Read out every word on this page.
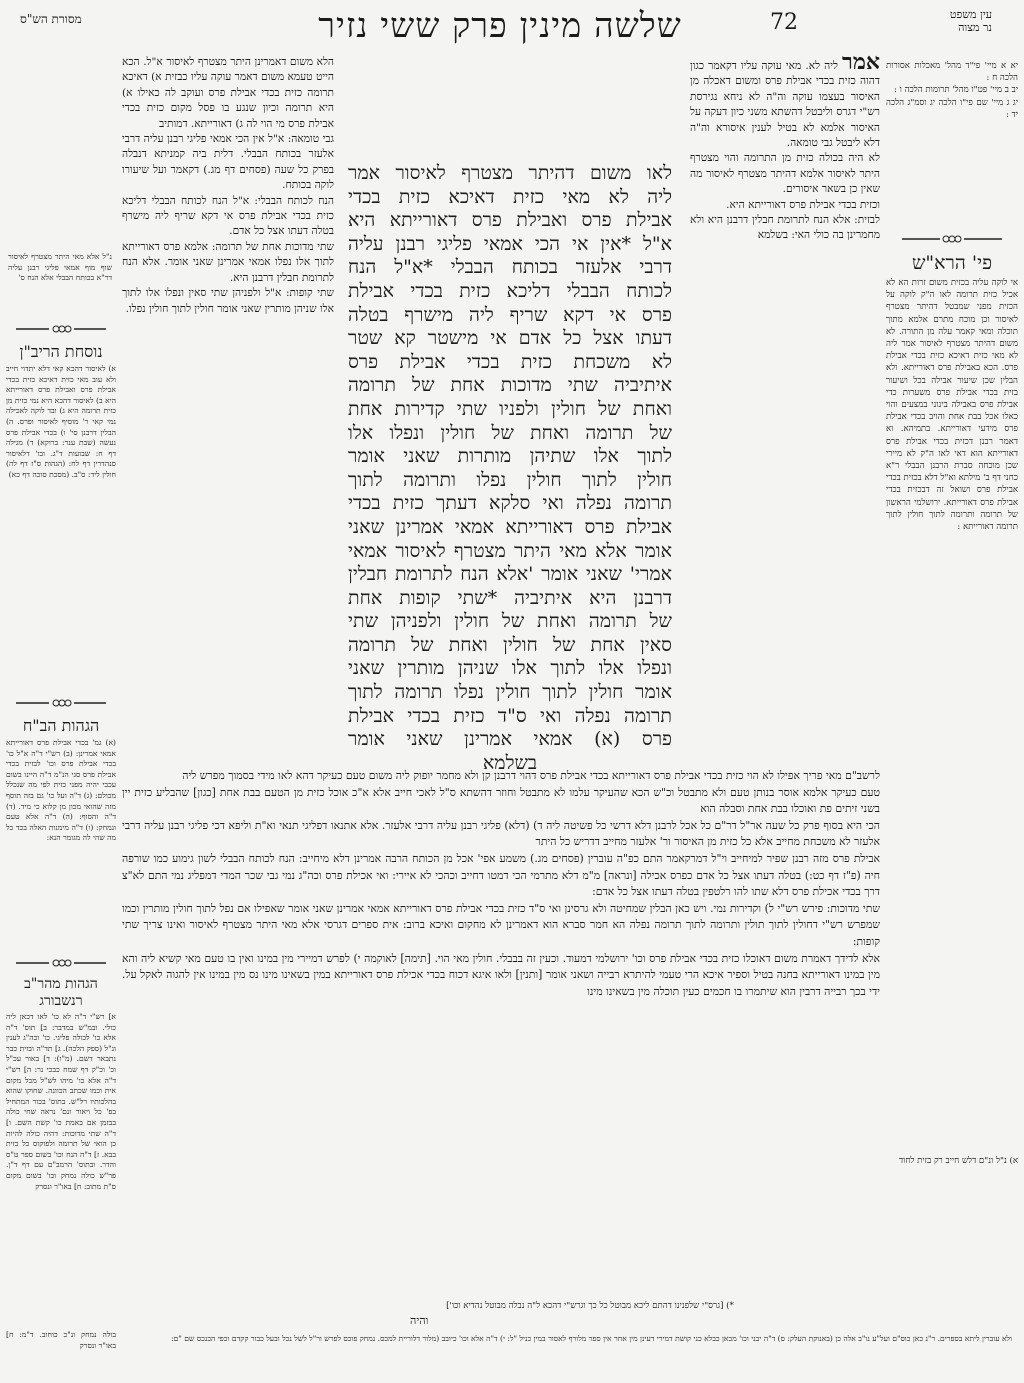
מסורת הש"ס	שלשה מינין פרק ששי נזיר	72	עין משפט
נר מצוה

יא א מיי' פי"ד מהל' מאכלות אסורות הלכה ח :

יב ב מיי' פט"ו מהל' תרומות הלכה ו :

יג ג מיי' שם פי"ו הלכה יג וסמ"ג הלכה יד :

פי' הרא"ש
אי לוקה עליה בכזית משום זרות הא לא אכיל כזית תרומה לאו ה"ק לוקה על הכזית מפני שמבטל דהיתר מצטרף לאיסור וכן מוכח מתרם אלמא מתוך תוכלה ומאי קאמר עלה מן התורה. לא משום דהיתר מצטרף לאיסור אמר ליה לא מאי כזית דאיכא כזית בכדי אבילת פרס. הכא באבילת פרס דאורייתא. ולא הבלין שכן שיעור אבילה בכל ושיעור בזית בכדי אבילת פרס משערות כדי אבילת פרס באבילה בינוני במצעים והוי כאלו אכל בבת אחת והויב בכדי אבילת פרס מידעי דאורייתא. בתמיהא. וא דאמר רבנן דכזית בכדי אבילת פרס דאורייתא הוא דאי לאו ה"ק לא מיירי שכן מוכחה סברת הרבנן הבבלי ר"א כחני דף ב' מילתא וא"ל דלא בכזית בכדי אבילת פרס ושואל זה דבכזית בכדי אבילת פרס דאורייתא. ירושלמי הראשון של תרומה ותרומה לתוך חולין לתוך תרומה דאורייתא :
א) נ"ל ונ"ם דלש חייב רק בזית לחוד
נ"ל אלא מאי היתר מצטרף לאיסור שוף מוף אמאי פליגי רבנן עליה דר"א בכותח הבבלי אלא הנח ס'
נוסחת הריב"ן
א) לאיסור דהכא קאי דלא יתדוי חייב ולא עוב מאי כזית דאיכא כזית בכדי אבילת פרס ואבילת פרס דאורייתא היא ב) לאיסור דהכא היא נמי כזית מן כזית תרומה היא ג) ובד לוקה לאכילה נמי קאי ר' מוסיף לאיסור ופרס. ה) הבלין דרבנן סי' ו) בכדי אבילת פרס נעשה (שבת ענר: ברוקא) ד) מגילה דף ח: שבועות ד"ג. ובו' דלאיסור סנהדרין דף לח: (הגהות ס"ז דף לה) חולין ליד: ס"ב. (מסכת סוכה דף כא)
הגהות הב"ח
(א) גמ' בכדי אבילת פרס דאורייתא אמאי אמרינן: (ב) רש"י ד"ה א"ל כו' בכדי אבילת פרס וכו' לבזית בכדי אבילת פרס סגי הנ"מ ד"ה היינו בשום עכבי יהיה מפני כזית לפי מה שנכלל מכולם: (ג) ד"ה ועל כו' גם בזה תוסף מזה שהואי מכון מן קלוא כי מיד. (ד) ד"ה והסוף: (ה) ד"ה אלא טעם ונמחק: (ו) ד"ה מימנות האלה בכד כל מה שהי לה מגומר הנא:
הגהות מהר"ב רנשבורג
א] רש"י ד"ה לא כו' לאו דכאן ליה כולי. ובמ"ש במדבר: ב] תוס' ד"ה אלא כו' לכולה פליגי. כו' וכה"ג לענין ונ"ל (ספק הלכה). ג] תד"ה ובזית כבר נתבאר דשם. (מ"ו): ד] באור עכ"ל וכ' וכ"ק דף שמח כבכי נר: ה] רש"י ד"ה אלא כו' מיהו לש"ל מכל מקום אית וכמו שכתב הכוונה. שחוקו שהוא בהלכותיו רל"ש. בתוס' בכור המתחיל בפ' כל ויאור ונם' נראה שחי כולה בבזמן אם באמת כו' קשת השם. ו] ד"ה שתי מדוכות: דהיה כולה להיות כן הואי של תרומה ולפוקוס כל כזית בבא. ז] ד"ה הנח וכו' בשום ספר ט"ס והדר. ובתוס' הרמב"ם עם דף ד"ן. פר"ש כולה נמחק וכו' בשום מקום ס"ת מתוב: ח] באו"ר ונסרק
בולה נמחק ונ"כ כוחוב. ד"מ: ח] באו"ר ונסרק

הלא משום דאמרינן היתר מצטרף לאיסור א"ל. הכא הייט טעמא משום דאמר עוקה עליו כבזית א) דאיכא תרומה כזית בכדי אבילת פרס ועוקב לה כאילו א) היא תרומה וכיון שנגע בו פסל מקום כזית בכדי אבילת פרס מי הוי לה ג) דאורייתא. דמותיב

גבי טומאה: א"ל אין הכי אמאי פליגי רבנן עליה דרבי אלעזר בכותח הבבלי. דלית ביה קמניתא דנבלה בפרק כל שעה (פסחים דף מג.) דקאמר ועל שיעורו לוקה בכותח.

הנח לכותח הבבלי: א"ל הנח לכותח הבבלי דליכא כזית בכדי אבילת פרס אי דקא שריף ליה מישרף בטלה דעתו אצל כל אדם.

שתי מדוכות אחת של תרומה: אלמא פרס דאורייתא לתוך אלו נפלו אמאי אמרינן שאני אומר. אלא הנח לתרומת חבלין דרבנן היא.

שתי קופות: א"ל ולפניהן שתי סאין ונפלו אלו לתוך אלו שניהן מותרין שאני אומר חולין לתוך חולין נפלו.

אמר ליה לא. מאי עוקה עליו דקאמר כגון דהוה כזית בכדי אבילת פרס ומשום דאכלה מן האיסור בעצמו עוקה וה"ה לא ניחא נגירסת רש"י דגרס וליבטל דהשתא משני כיון דעקה על האיסור אלמא לא בטיל לענין איסורא וה"ה דלא ליבטל גבי טומאה.

לא היה בכולה כזית מן התרומה והוי מצטרף היתר לאיסור אלמא דהיתר מצטרף לאיסור מה שאין כן בשאר איסורים.

וכזית בכדי אבילת פרס דאורייתא היא.

לבזית: אלא הנח לתרומת חבלין דרבנן היא ולא מחמרינן בה כולי האי: בשלמא

לאו משום דהיתר מצטרף לאיסור אמר
ליה לא מאי כזית דאיכא כזית בכדי
אבילת פרס ואבילת פרס דאורייתא היא
א"ל *אין אי הכי אמאי פליגי רבנן עליה
דרבי אלעזר בכותח הבבלי *א"ל הנח
לכותח הבבלי דליכא כזית בכדי אבילת
פרס אי דקא שריף ליה מישרף בטלה
דעתו אצל כל אדם אי מישטר קא שטר
לא משכחת כזית בכדי אבילת פרס
איתיביה שתי מדוכות אחת של תרומה
ואחת של חולין ולפניו שתי קדירות אחת
של תרומה ואחת של חולין ונפלו אלו
לתוך אלו שתיהן מותרות שאני אומר
חולין לתוך חולין נפלו ותרומה לתוך
תרומה נפלה ואי סלקא דעתך כזית בכדי
אבילת פרס דאורייתא אמאי אמרינן שאני
אומר אלא מאי היתר מצטרף לאיסור אמאי
אמרי' שאני אומר 'אלא הנח לתרומת חבלין
דרבנן היא איתיביה *שתי קופות אחת
של תרומה ואחת של חולין ולפניהן שתי
סאין אחת של חולין ואחת של תרומה
ונפלו אלו לתוך אלו שניהן מותרין שאני
אומר חולין לתוך חולין נפלו תרומה לתוך
תרומה נפלה ואי ס"ד כזית בכדי אבילת
פרס (א) אמאי אמרינן שאני אומר
בשלמא

לרשב"ם מאי פריך אפילו לא הוי כזית בכדי אבילת פרס דאורייתא בכדי אבילת פרס דהוי דרבנן קן ולא מחמר יופוק ליה משום טעם כעיקר דהא לאו מידי בסמוך מפרש ליה

טעם כעיקר אלמא אוסר בנותן טעם ולא מתבטל וכ"ש הכא שהעיקר עלמו לא מתבטל וחוזר דהשתא ס"ל לאכי חייב אלא א"כ אוכל כזית מן הטעם בבת אחת [כגון] שהבליע כזית יין בשני זיתים פת ואוכלו בבת אחת וסבלה הוא

הכי היא בסוף פרק כל שעה אר"ל דר"ם כל אכל לרבנן דלא דרשי כל פשיטה ליה ד) (דלא) פליגי רבנן עליה דרבי אלעזר. אלא אתנאו דפליגי תנאי וא"ת וליפא דכי פליגי רבנן עליה דרבי אלעזר לא משכחת מחייב אלא כל כזית מן האיסור ור' אלעזר מחייב דדריש כל היתר

אבילת פרס מזה רבנן שפיר למיחייב וי"ל דמרקאמר התם כפ"ה עוברין (פסחים מג.) משמע אפי' אכל מן הכותח הרבה אמרינן דלא מיחייב: הנח לכותח הבבלי לשון גימוע כמו שורפה חיה (פ"ז דף כט:) בטלה דעתו אצל כל אדם כפרס אכילה [ונראה] מ"מ דלא מתרמי הכי דמטו דחייב וכהכי לא איירי: ואי אכילת פרס וכה"ג נמי גבי שכר המדי דמפליג נמי התם לא"צ דרך בכדי אכילת פרס דלא שתו להו רלטפין בטלה דעתו אצל כל אדם:

שתי מדוכות: פירש רש"י ל) וקדירות נמי. ויש כאן הבלין שמחיטה ולא גרסינן ואי ס"ד כזית בכדי אבילת פרס דאורייתא אמאי אמרינן שאני אומר שאפילו אם נפל לתוך חולין מותרין וכמו שמפרש רש"י דחולין לתוך תולין ותרומה לתוך תרומה נפלה הא חמר סברא הוא דאמרינן לא מחקום ואיכא ברוב: אית ספרים דגרסי אלא מאי היתר מצטרף לאיסור ואינו צריך שתי קופות:

אלא לדידך דאמרת משום דאוכלו כזית בכדי אבילת פרס וכו' ירושלמי דמעוד. וכעין זה בבבלי. חולין מאי הוי. [תימה] לאוקמה י) לפרש דמיירי מין במינו ואין בו טעם מאי קשיא ליה והא מין במינו דאורייתא בחנה בטיל וספיר איכא הרי טעמי להיתרא רבייה ושאני אומר [ותנין] ולאו איגא דכוח בכדי אכילת פרס דאורייתא במין בשאינו מינו נס מין במינו אין להגוה לאקל על. ידי בכך רבייה דרבין הוא שיתמרו בו חכמים כעין תוכלה מין בשאינו מינו

*) [גרס"י שלפנינו דהתם ליכא מבוטל כל כך וגרש"י דהכא ל"ה נבלה מבוטל נהדיא וכו']
והיה
ולא עוברין ליתא בספרים. ר"נ כאן כוס"ם ועל"ע נו"ב אלה כן (באנוקת העלק: ס) ד"ה יבני וכו' מכאן כבלא כני קושת דמירי דעינן מין אחר אין ספר מלורף לאסור במין כניל "ל: י) ד"ה אלא וכו' כיובב (מלור דלוריית למכס. נמחק פוכס לפרש ור"ל לשל נכל ובעל כבור קקדם וכפי הכנכס שם "ם:
